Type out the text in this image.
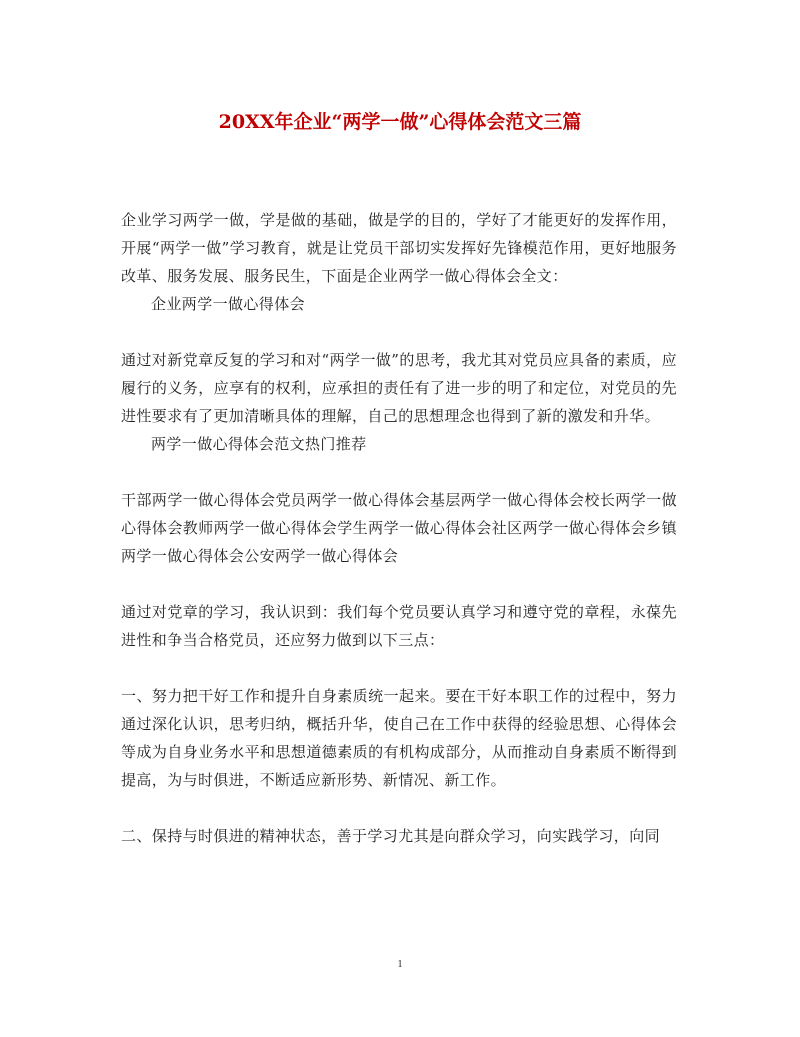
20XX年企业“两学一做”心得体会范文三篇

企业学习两学一做，学是做的基础，做是学的目的，学好了才能更好的发挥作用，开展“两学一做”学习教育，就是让党员干部切实发挥好先锋模范作用，更好地服务改革、服务发展、服务民生，下面是企业两学一做心得体会全文：

企业两学一做心得体会

通过对新党章反复的学习和对“两学一做”的思考，我尤其对党员应具备的素质，应履行的义务，应享有的权利，应承担的责任有了进一步的明了和定位，对党员的先进性要求有了更加清晰具体的理解，自己的思想理念也得到了新的激发和升华。

两学一做心得体会范文热门推荐

干部两学一做心得体会党员两学一做心得体会基层两学一做心得体会校长两学一做心得体会教师两学一做心得体会学生两学一做心得体会社区两学一做心得体会乡镇两学一做心得体会公安两学一做心得体会

通过对党章的学习，我认识到：我们每个党员要认真学习和遵守党的章程，永葆先进性和争当合格党员，还应努力做到以下三点：

一、努力把干好工作和提升自身素质统一起来。要在干好本职工作的过程中，努力通过深化认识，思考归纳，概括升华，使自己在工作中获得的经验思想、心得体会等成为自身业务水平和思想道德素质的有机构成部分，从而推动自身素质不断得到提高，为与时俱进，不断适应新形势、新情况、新工作。

二、保持与时俱进的精神状态，善于学习尤其是向群众学习，向实践学习，向同

1
